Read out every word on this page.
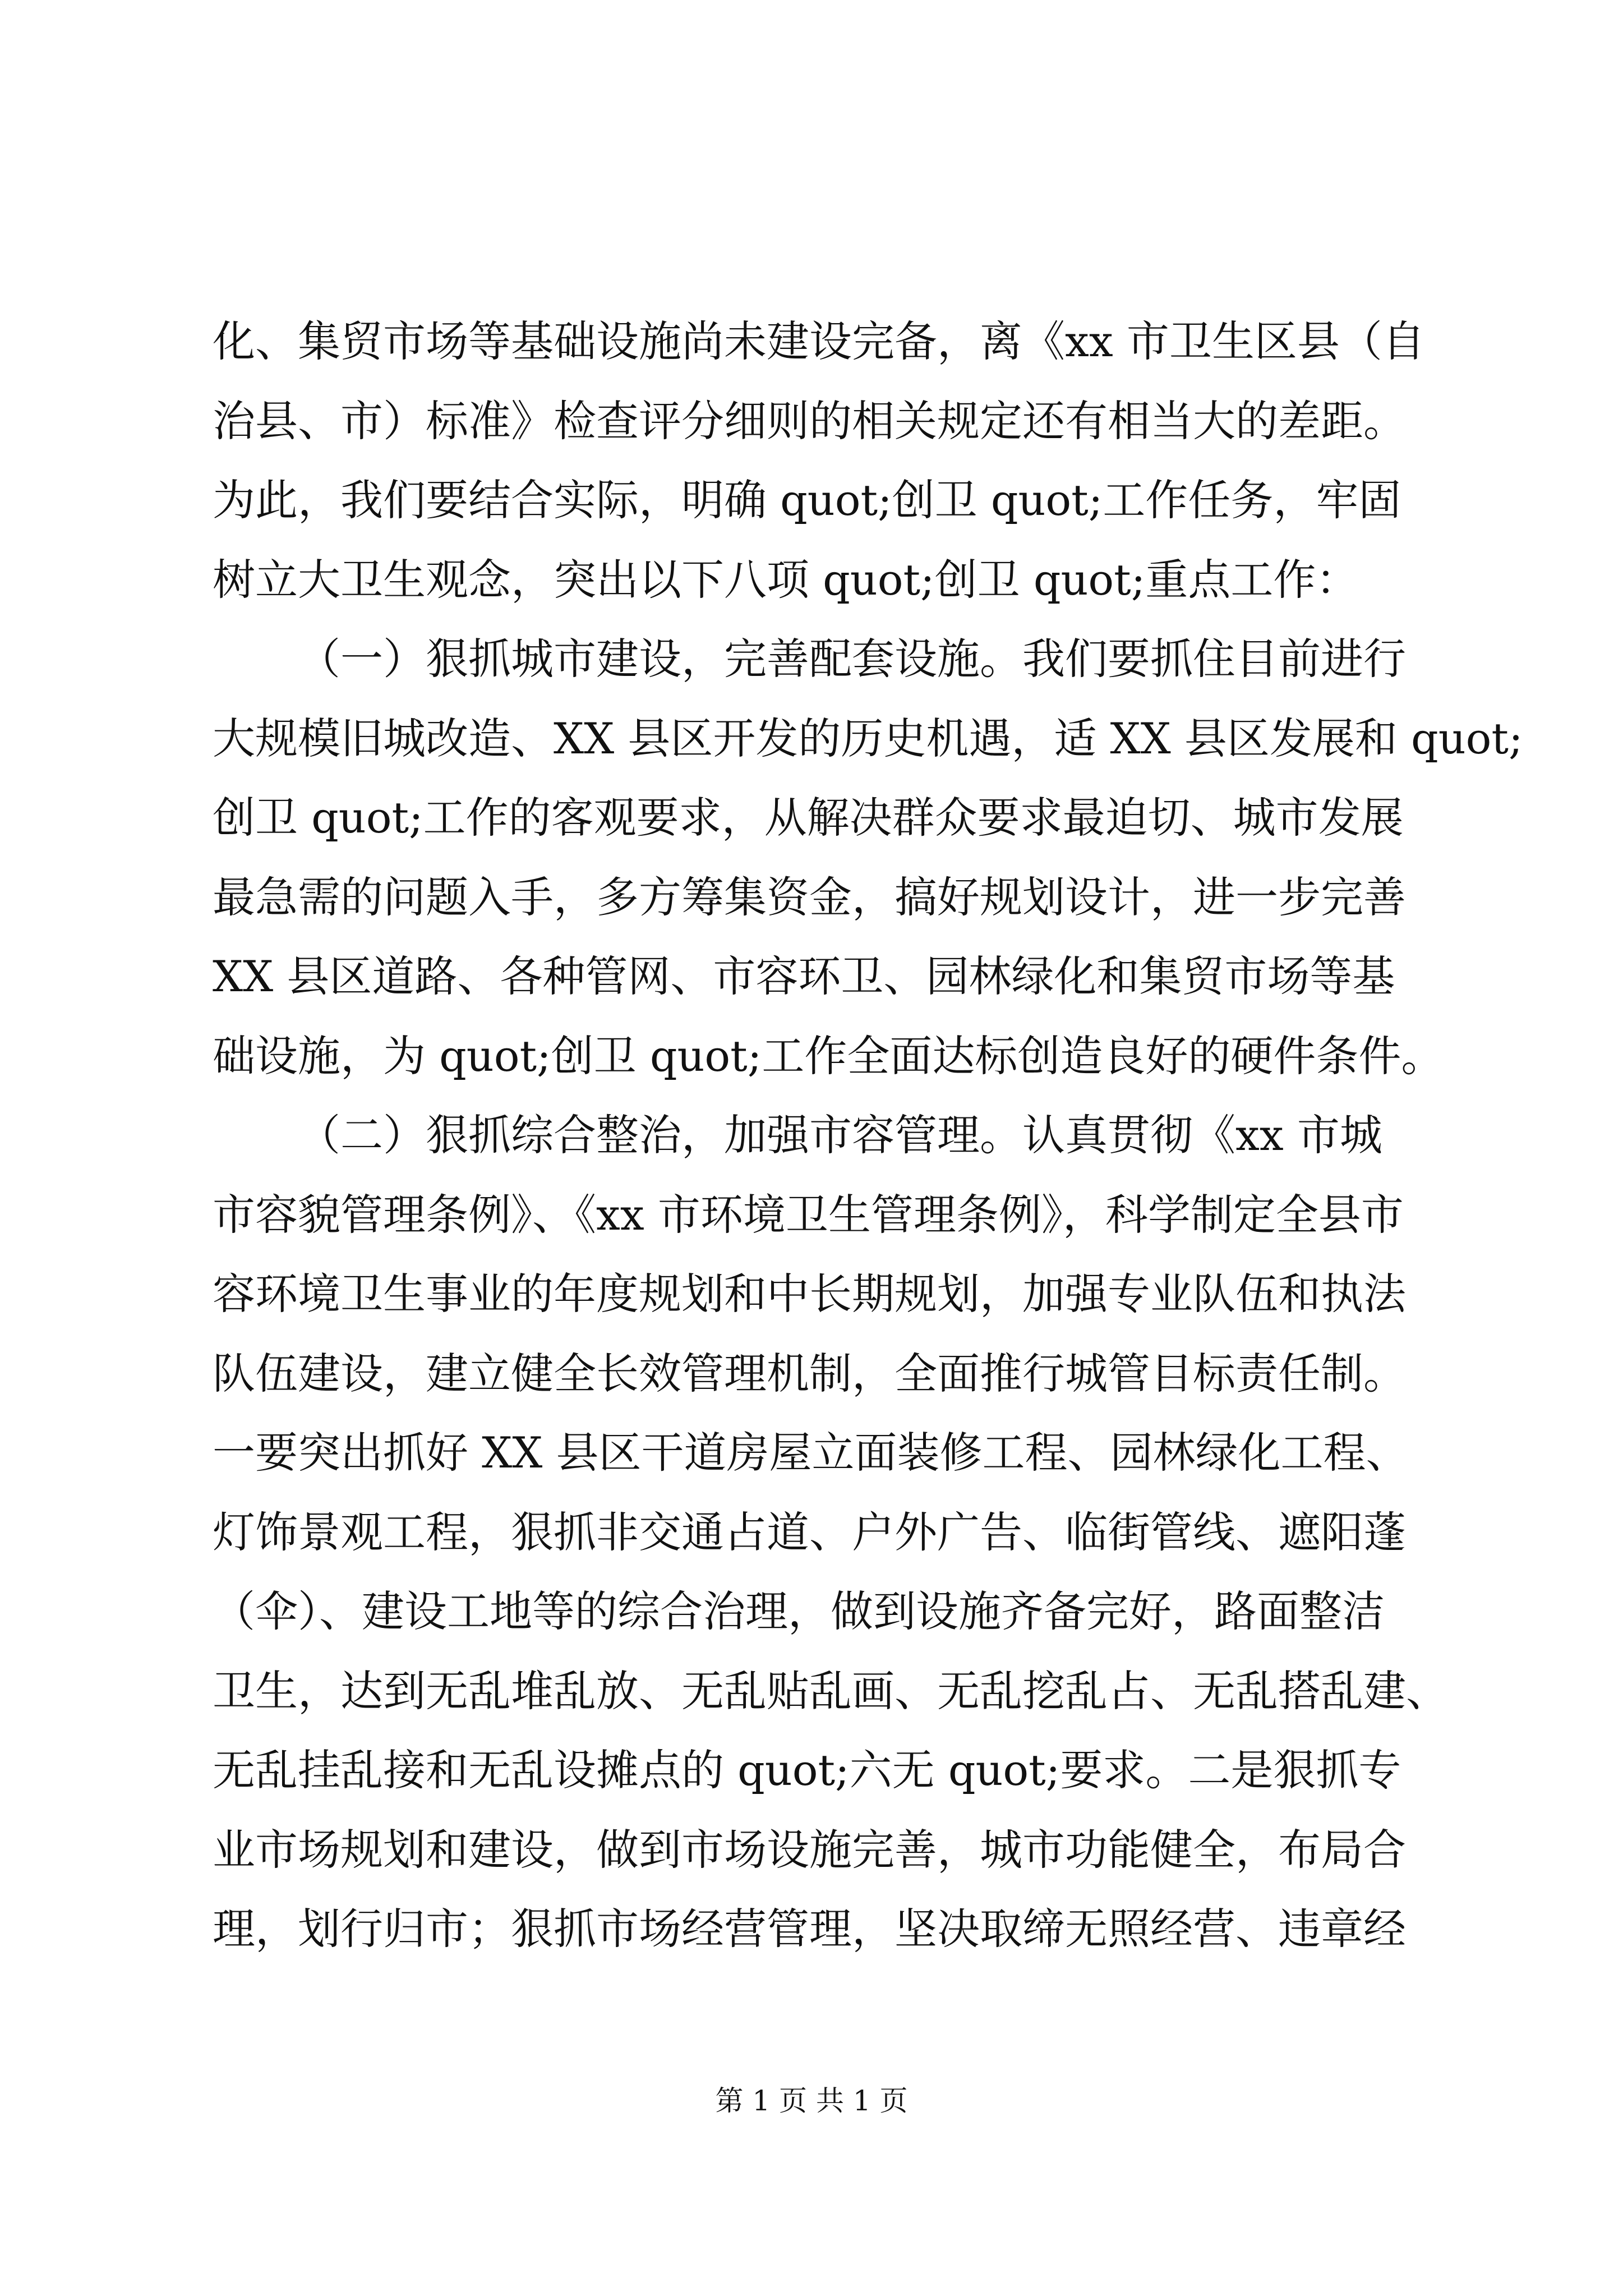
化、集贸市场等基础设施尚未建设完备，离《xx 市卫生区县（自
治县、市）标准》检查评分细则的相关规定还有相当大的差距。
为此，我们要结合实际，明确 quot;创卫 quot;工作任务，牢固
树立大卫生观念，突出以下八项 quot;创卫 quot;重点工作：
（一）狠抓城市建设，完善配套设施。我们要抓住目前进行
大规模旧城改造、XX 县区开发的历史机遇，适 XX 县区发展和 quot;
创卫 quot;工作的客观要求，从解决群众要求最迫切、城市发展
最急需的问题入手，多方筹集资金，搞好规划设计，进一步完善
XX 县区道路、各种管网、市容环卫、园林绿化和集贸市场等基
础设施，为 quot;创卫 quot;工作全面达标创造良好的硬件条件。
（二）狠抓综合整治，加强市容管理。认真贯彻《xx 市城
市容貌管理条例》、《xx 市环境卫生管理条例》，科学制定全县市
容环境卫生事业的年度规划和中长期规划，加强专业队伍和执法
队伍建设，建立健全长效管理机制，全面推行城管目标责任制。
一要突出抓好 XX 县区干道房屋立面装修工程、园林绿化工程、
灯饰景观工程，狠抓非交通占道、户外广告、临街管线、遮阳蓬
（伞）、建设工地等的综合治理，做到设施齐备完好，路面整洁
卫生，达到无乱堆乱放、无乱贴乱画、无乱挖乱占、无乱搭乱建、
无乱挂乱接和无乱设摊点的 quot;六无 quot;要求。二是狠抓专
业市场规划和建设，做到市场设施完善，城市功能健全，布局合
理，划行归市；狠抓市场经营管理，坚决取缔无照经营、违章经
第 1 页 共 1 页
